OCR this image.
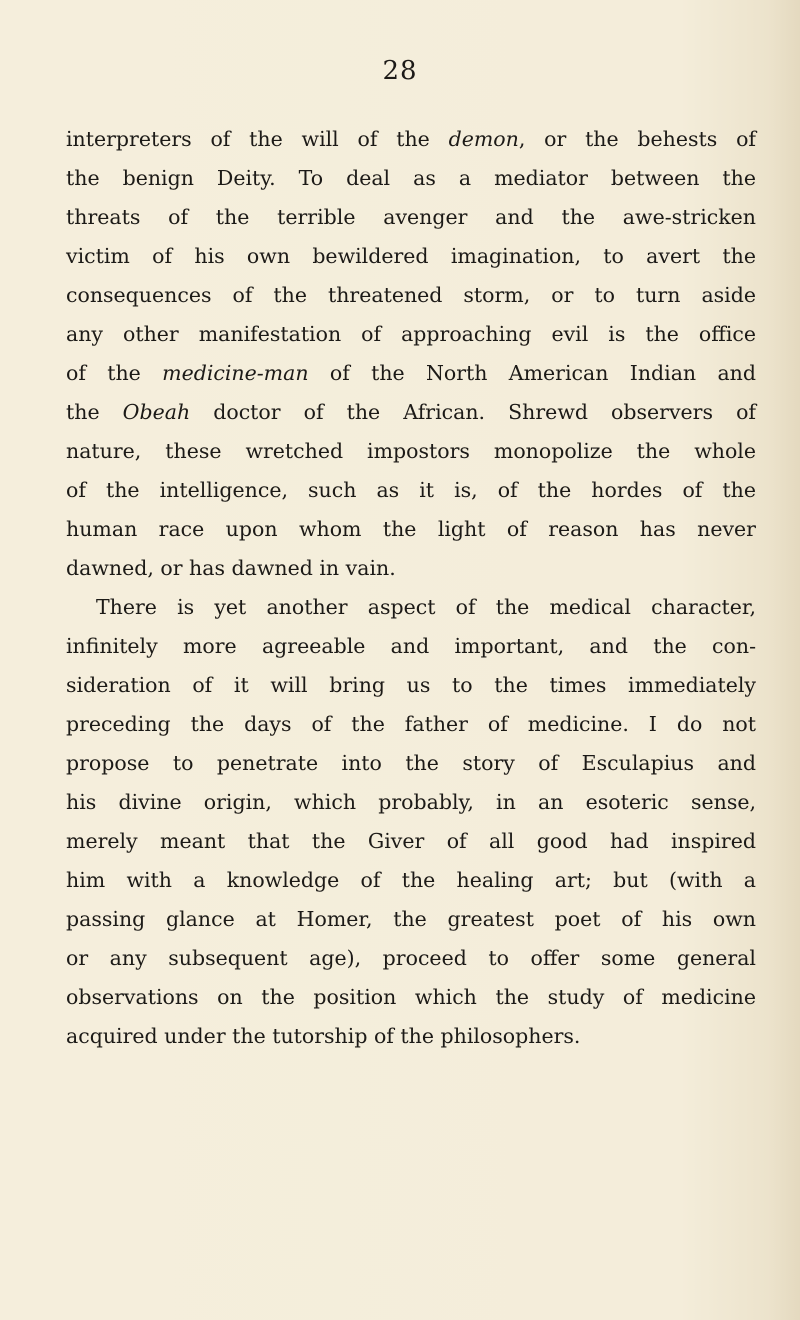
28
interpreters of the will of the demon, or the behests of
the benign Deity. To deal as a mediator between the
threats of the terrible avenger and the awe-stricken
victim of his own bewildered imagination, to avert the
consequences of the threatened storm, or to turn aside
any other manifestation of approaching evil is the office
of the medicine-man of the North American Indian and
the Obeah doctor of the African. Shrewd observers of
nature, these wretched impostors monopolize the whole
of the intelligence, such as it is, of the hordes of the
human race upon whom the light of reason has never
dawned, or has dawned in vain.
There is yet another aspect of the medical character,
infinitely more agreeable and important, and the con-
sideration of it will bring us to the times immediately
preceding the days of the father of medicine. I do not
propose to penetrate into the story of Esculapius and
his divine origin, which probably, in an esoteric sense,
merely meant that the Giver of all good had inspired
him with a knowledge of the healing art; but (with a
passing glance at Homer, the greatest poet of his own
or any subsequent age), proceed to offer some general
observations on the position which the study of medicine
acquired under the tutorship of the philosophers.
